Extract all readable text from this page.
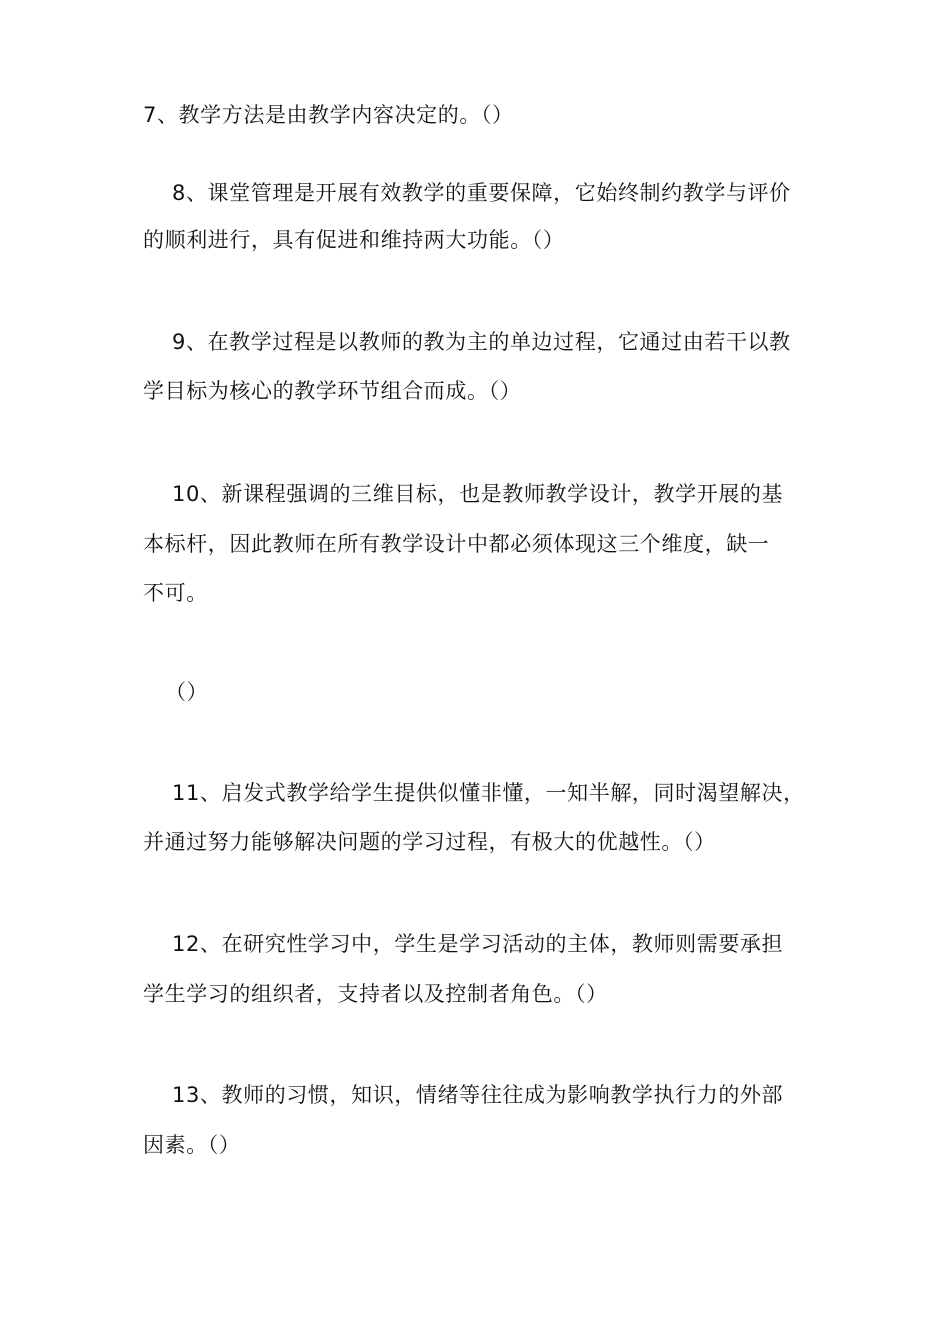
7、教学方法是由教学内容决定的。（）
8、课堂管理是开展有效教学的重要保障，它始终制约教学与评价
的顺利进行，具有促进和维持两大功能。（）
9、在教学过程是以教师的教为主的单边过程，它通过由若干以教
学目标为核心的教学环节组合而成。（）
10、新课程强调的三维目标，也是教师教学设计，教学开展的基
本标杆，因此教师在所有教学设计中都必须体现这三个维度，缺一
不可。
（）
11、启发式教学给学生提供似懂非懂，一知半解，同时渴望解决，
并通过努力能够解决问题的学习过程，有极大的优越性。（）
12、在研究性学习中，学生是学习活动的主体，教师则需要承担
学生学习的组织者，支持者以及控制者角色。（）
13、教师的习惯，知识，情绪等往往成为影响教学执行力的外部
因素。（）
